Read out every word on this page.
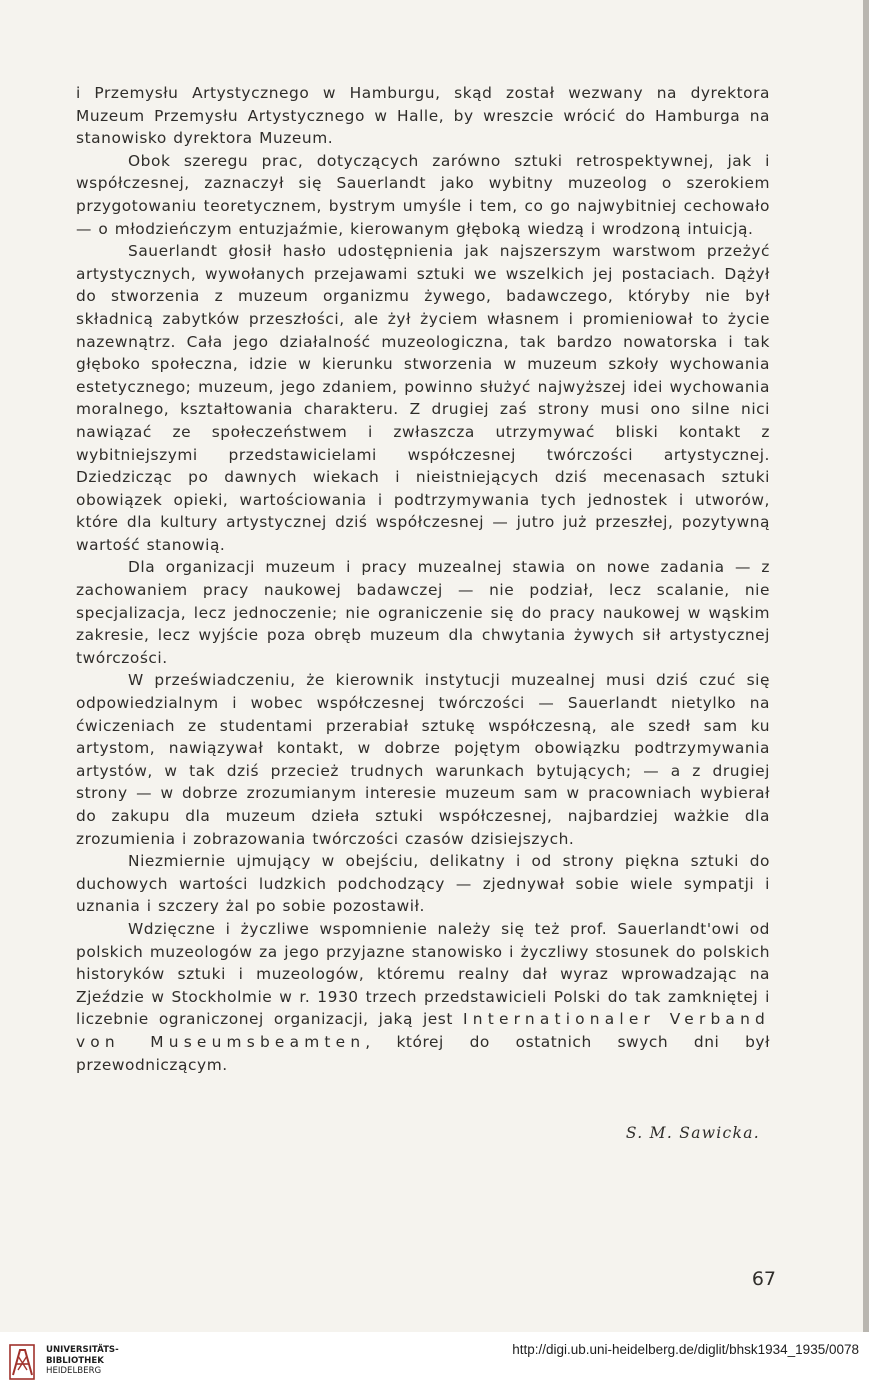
i Przemysłu Artystycznego w Hamburgu, skąd został wezwany na dyrektora Muzeum Przemysłu Artystycznego w Halle, by wreszcie wrócić do Hamburga na stanowisko dyrektora Muzeum.

Obok szeregu prac, dotyczących zarówno sztuki retrospektywnej, jak i współczesnej, zaznaczył się Sauerlandt jako wybitny muzeolog o szerokiem przygotowaniu teoretycznem, bystrym umyśle i tem, co go najwybitniej cechowało — o młodzieńczym entuzjaźmie, kierowanym głęboką wiedzą i wrodzoną intuicją.

Sauerlandt głosił hasło udostępnienia jak najszerszym warstwom przeżyć artystycznych, wywołanych przejawami sztuki we wszelkich jej postaciach. Dążył do stworzenia z muzeum organizmu żywego, badawczego, któryby nie był składnicą zabytków przeszłości, ale żył życiem własnem i promieniował to życie nazewnątrz. Cała jego działalność muzeologiczna, tak bardzo nowatorska i tak głęboko społeczna, idzie w kierunku stworzenia w muzeum szkoły wychowania estetycznego; muzeum, jego zdaniem, powinno służyć najwyższej idei wychowania moralnego, kształtowania charakteru. Z drugiej zaś strony musi ono silne nici nawiązać ze społeczeństwem i zwłaszcza utrzymywać bliski kontakt z wybitniejszymi przedstawicielami współczesnej twórczości artystycznej. Dziedzicząc po dawnych wiekach i nieistniejących dziś mecenasach sztuki obowiązek opieki, wartościowania i podtrzymywania tych jednostek i utworów, które dla kultury artystycznej dziś współczesnej — jutro już przeszłej, pozytywną wartość stanowią.

Dla organizacji muzeum i pracy muzealnej stawia on nowe zadania — z zachowaniem pracy naukowej badawczej — nie podział, lecz scalanie, nie specjalizacja, lecz jednoczenie; nie ograniczenie się do pracy naukowej w wąskim zakresie, lecz wyjście poza obręb muzeum dla chwytania żywych sił artystycznej twórczości.

W przeświadczeniu, że kierownik instytucji muzealnej musi dziś czuć się odpowiedzialnym i wobec współczesnej twórczości — Sauerlandt nietylko na ćwiczeniach ze studentami przerabiał sztukę współczesną, ale szedł sam ku artystom, nawiązywał kontakt, w dobrze pojętym obowiązku podtrzymywania artystów, w tak dziś przecież trudnych warunkach bytujących; — a z drugiej strony — w dobrze zrozumianym interesie muzeum sam w pracowniach wybierał do zakupu dla muzeum dzieła sztuki współczesnej, najbardziej ważkie dla zrozumienia i zobrazowania twórczości czasów dzisiejszych.

Niezmiernie ujmujący w obejściu, delikatny i od strony piękna sztuki do duchowych wartości ludzkich podchodzący — zjednywał sobie wiele sympatji i uznania i szczery żal po sobie pozostawił.

Wdzięczne i życzliwe wspomnienie należy się też prof. Sauerlandt'owi od polskich muzeologów za jego przyjazne stanowisko i życzliwy stosunek do polskich historyków sztuki i muzeologów, któremu realny dał wyraz wprowadzając na Zjeździe w Stockholmie w r. 1930 trzech przedstawicieli Polski do tak zamkniętej i liczebnie ograniczonej organizacji, jaką jest Internationaler Verband von Museumsbeamten, której do ostatnich swych dni był przewodniczącym.

S. M. Sawicka.
67
UNIVERSITÄTS-
BIBLIOTHEK
HEIDELBERG
http://digi.ub.uni-heidelberg.de/diglit/bhsk1934_1935/0078
